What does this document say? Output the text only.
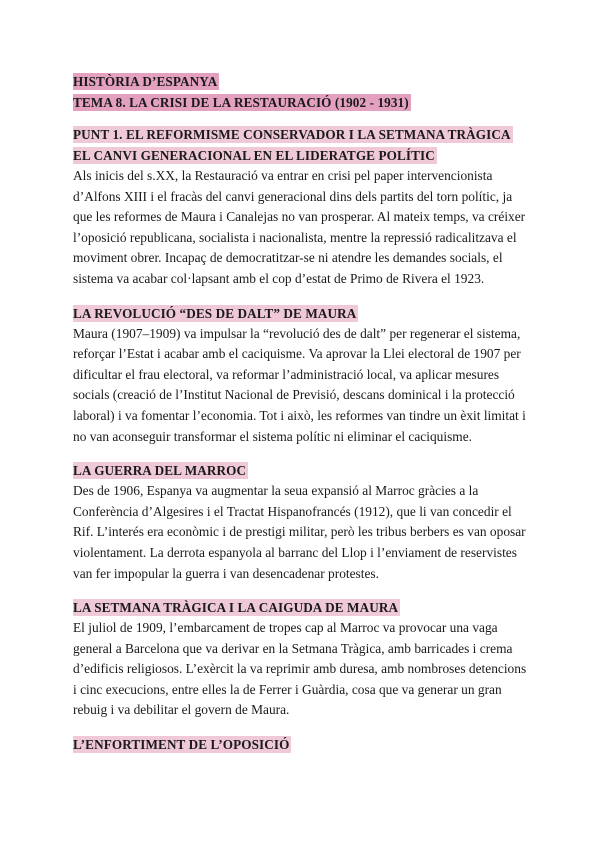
HISTÒRIA D’ESPANYA
TEMA 8. LA CRISI DE LA RESTAURACIÓ (1902 - 1931)
PUNT 1. EL REFORMISME CONSERVADOR I LA SETMANA TRÀGICA
EL CANVI GENERACIONAL EN EL LIDERATGE POLÍTIC

Als inicis del s.XX, la Restauració va entrar en crisi pel paper intervencionista d’Alfons XIII i el fracàs del canvi generacional dins dels partits del torn polític, ja que les reformes de Maura i Canalejas no van prosperar. Al mateix temps, va créixer l’oposició republicana, socialista i nacionalista, mentre la repressió radicalitzava el moviment obrer. Incapaç de democratitzar-se ni atendre les demandes socials, el sistema va acabar col·lapsant amb el cop d’estat de Primo de Rivera el 1923.

LA REVOLUCIÓ “DES DE DALT” DE MAURA

Maura (1907–1909) va impulsar la “revolució des de dalt” per regenerar el sistema, reforçar l’Estat i acabar amb el caciquisme. Va aprovar la Llei electoral de 1907 per dificultar el frau electoral, va reformar l’administració local, va aplicar mesures socials (creació de l’Institut Nacional de Previsió, descans dominical i la protecció laboral) i va fomentar l’economia. Tot i això, les reformes van tindre un èxit limitat i no van aconseguir transformar el sistema polític ni eliminar el caciquisme.

LA GUERRA DEL MARROC

Des de 1906, Espanya va augmentar la seua expansió al Marroc gràcies a la Conferència d’Algesires i el Tractat Hispanofrancés (1912), que li van concedir el Rif. L’interés era econòmic i de prestigi militar, però les tribus berbers es van oposar violentament. La derrota espanyola al barranc del Llop i l’enviament de reservistes van fer impopular la guerra i van desencadenar protestes.

LA SETMANA TRÀGICA I LA CAIGUDA DE MAURA

El juliol de 1909, l’embarcament de tropes cap al Marroc va provocar una vaga general a Barcelona que va derivar en la Setmana Tràgica, amb barricades i crema d’edificis religiosos. L’exèrcit la va reprimir amb duresa, amb nombroses detencions i cinc execucions, entre elles la de Ferrer i Guàrdia, cosa que va generar un gran rebuig i va debilitar el govern de Maura.

L’ENFORTIMENT DE L’OPOSICIÓ
